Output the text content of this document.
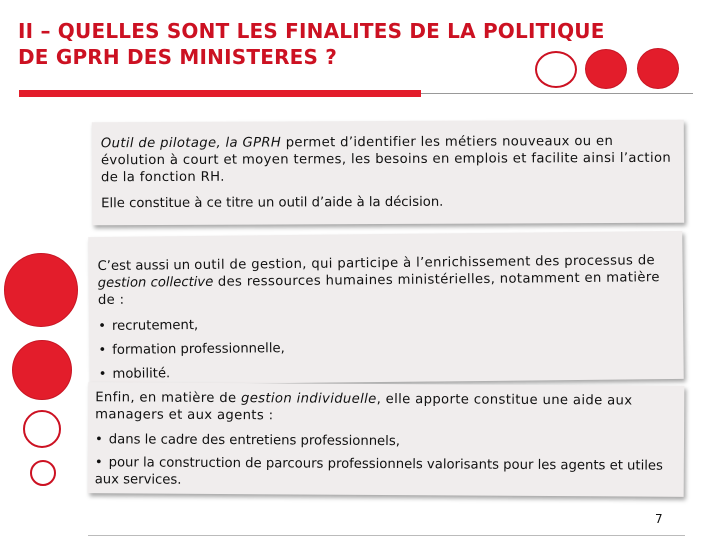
II – QUELLES SONT LES FINALITES DE LA POLITIQUE
DE GPRH DES MINISTERES ?

Outil de pilotage, la GPRH permet d’identifier les métiers nouveaux ou en évolution à court et moyen termes, les besoins en emplois et facilite ainsi l’action de la fonction RH.

Elle constitue à ce titre un outil d’aide à la décision.

C’est aussi un outil de gestion, qui participe à l’enrichissement des processus de gestion collective des ressources humaines ministérielles, notamment en matière de :

• recrutement,

• formation professionnelle,

• mobilité.

Enfin, en matière de gestion individuelle, elle apporte constitue une aide aux managers et aux agents :

• dans le cadre des entretiens professionnels,

• pour la construction de parcours professionnels valorisants pour les agents et utiles aux services.

7
